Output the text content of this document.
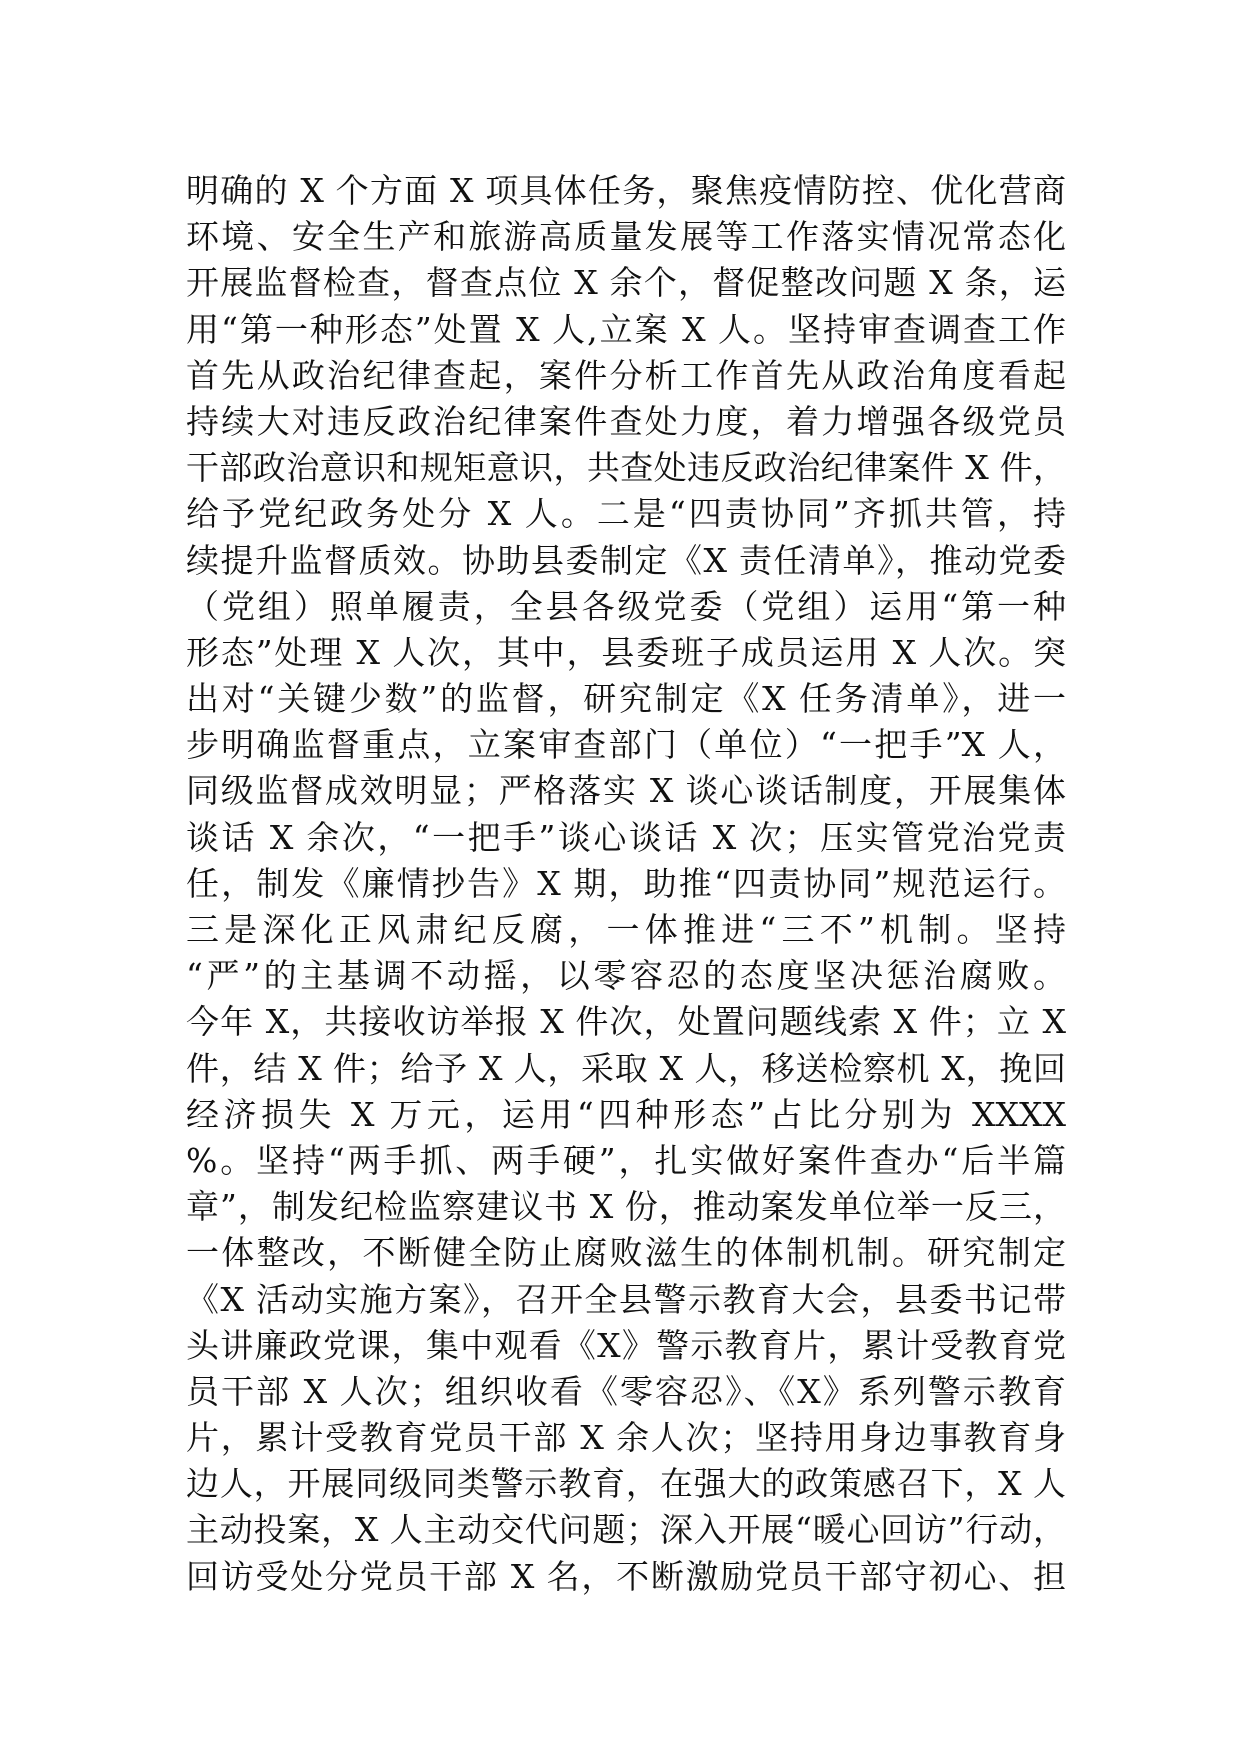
明确的 X 个方面 X 项具体任务，聚焦疫情防控、优化营商
环境、安全生产和旅游高质量发展等工作落实情况常态化
开展监督检查，督查点位 X 余个，督促整改问题 X 条，运
用“第一种形态”处置 X 人,立案 X 人。坚持审查调查工作
首先从政治纪律查起，案件分析工作首先从政治角度看起
持续大对违反政治纪律案件查处力度，着力增强各级党员
干部政治意识和规矩意识，共查处违反政治纪律案件 X 件，
给予党纪政务处分 X 人。二是“四责协同”齐抓共管，持
续提升监督质效。协助县委制定《X 责任清单》，推动党委
（党组）照单履责，全县各级党委（党组）运用“第一种
形态”处理 X 人次，其中，县委班子成员运用 X 人次。突
出对“关键少数”的监督，研究制定《X 任务清单》，进一
步明确监督重点，立案审查部门（单位）“一把手”X 人，
同级监督成效明显；严格落实 X 谈心谈话制度，开展集体
谈话 X 余次，“一把手”谈心谈话 X 次；压实管党治党责
任，制发《廉情抄告》X 期，助推“四责协同”规范运行。
三是深化正风肃纪反腐，一体推进“三不”机制。坚持
“严”的主基调不动摇，以零容忍的态度坚决惩治腐败。
今年 X，共接收访举报 X 件次，处置问题线索 X 件；立 X
件，结 X 件；给予 X 人，采取 X 人，移送检察机 X，挽回
经济损失 X 万元，运用“四种形态”占比分别为 XXXX
%。坚持“两手抓、两手硬”，扎实做好案件查办“后半篇
章”，制发纪检监察建议书 X 份，推动案发单位举一反三，
一体整改，不断健全防止腐败滋生的体制机制。研究制定
《X 活动实施方案》，召开全县警示教育大会，县委书记带
头讲廉政党课，集中观看《X》警示教育片，累计受教育党
员干部 X 人次；组织收看《零容忍》、《X》系列警示教育
片，累计受教育党员干部 X 余人次；坚持用身边事教育身
边人，开展同级同类警示教育，在强大的政策感召下，X 人
主动投案，X 人主动交代问题；深入开展“暖心回访”行动，
回访受处分党员干部 X 名，不断激励党员干部守初心、担
